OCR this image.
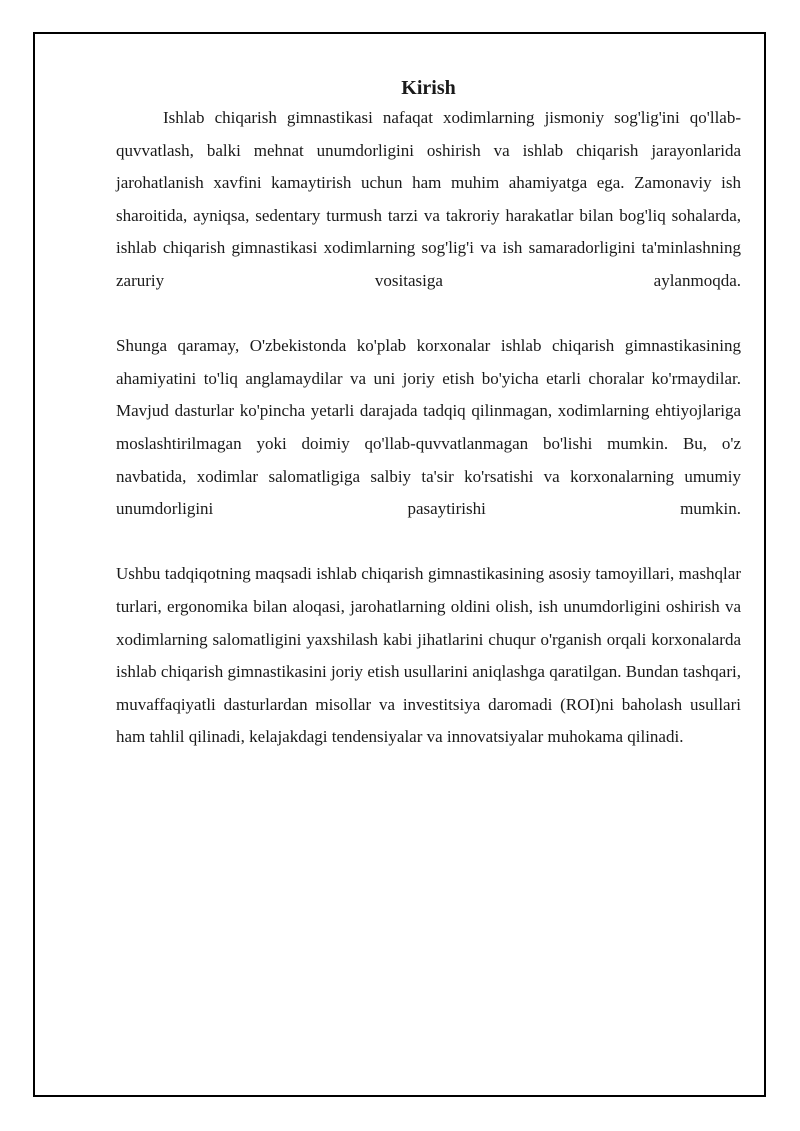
Kirish

Ishlab chiqarish gimnastikasi nafaqat xodimlarning jismoniy sog'lig'ini qo'llab-quvvatlash, balki mehnat unumdorligini oshirish va ishlab chiqarish jarayonlarida jarohatlanish xavfini kamaytirish uchun ham muhim ahamiyatga ega. Zamonaviy ish sharoitida, ayniqsa, sedentary turmush tarzi va takroriy harakatlar bilan bog'liq sohalarda, ishlab chiqarish gimnastikasi xodimlarning sog'lig'i va ish samaradorligini ta'minlashning zaruriy vositasiga aylanmoqda.

Shunga qaramay, O'zbekistonda ko'plab korxonalar ishlab chiqarish gimnastikasining ahamiyatini to'liq anglamaydilar va uni joriy etish bo'yicha etarli choralar ko'rmaydilar. Mavjud dasturlar ko'pincha yetarli darajada tadqiq qilinmagan, xodimlarning ehtiyojlariga moslashtirilmagan yoki doimiy qo'llab-quvvatlanmagan bo'lishi mumkin. Bu, o'z navbatida, xodimlar salomatligiga salbiy ta'sir ko'rsatishi va korxonalarning umumiy unumdorligini pasaytirishi mumkin.

Ushbu tadqiqotning maqsadi ishlab chiqarish gimnastikasining asosiy tamoyillari, mashqlar turlari, ergonomika bilan aloqasi, jarohatlarning oldini olish, ish unumdorligini oshirish va xodimlarning salomatligini yaxshilash kabi jihatlarini chuqur o'rganish orqali korxonalarda ishlab chiqarish gimnastikasini joriy etish usullarini aniqlashga qaratilgan. Bundan tashqari, muvaffaqiyatli dasturlardan misollar va investitsiya daromadi (ROI)ni baholash usullari ham tahlil qilinadi, kelajakdagi tendensiyalar va innovatsiyalar muhokama qilinadi.
